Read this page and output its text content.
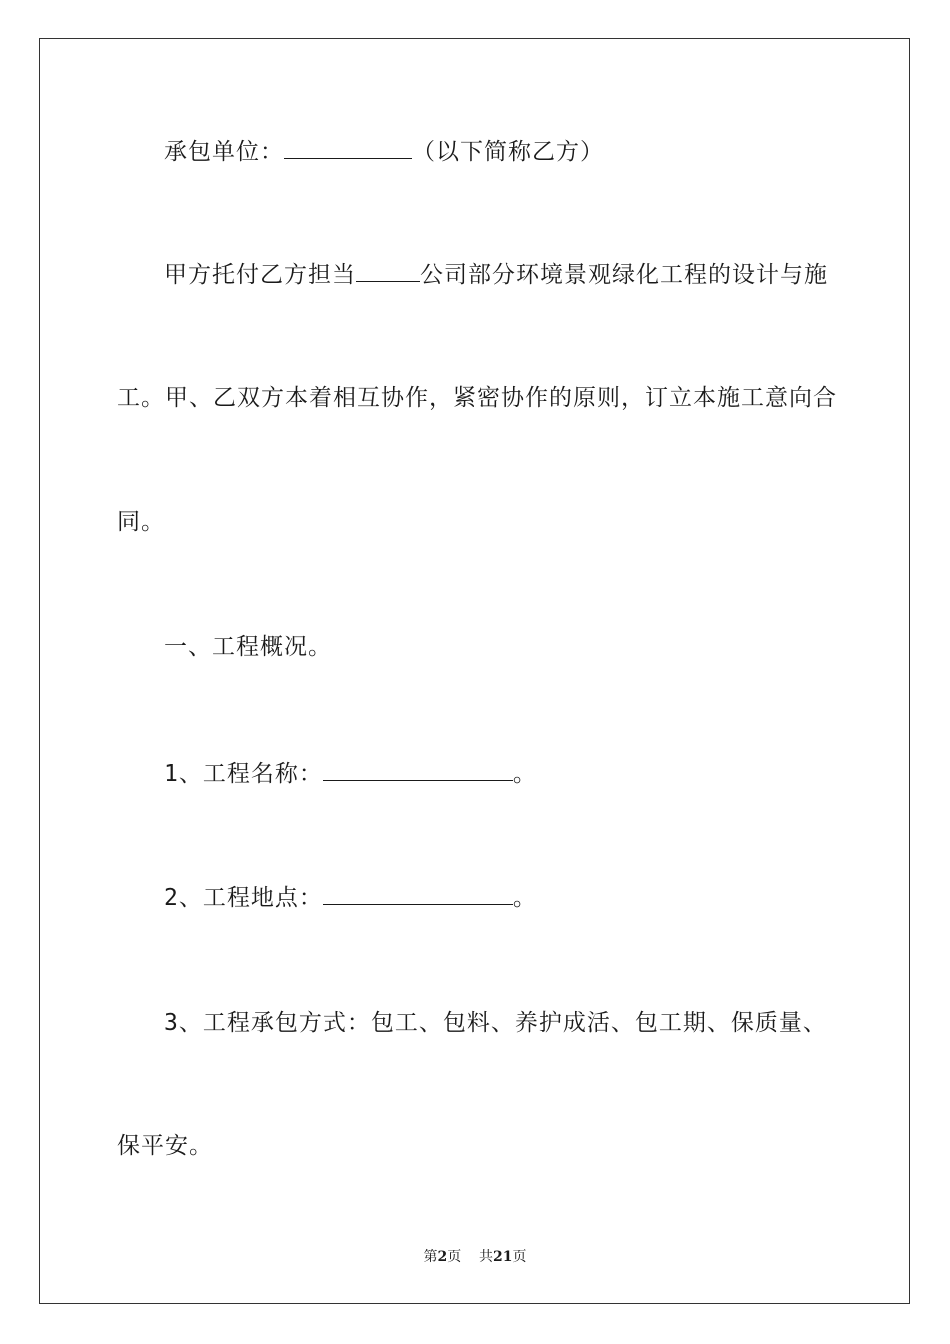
承包单位：	（以下简称乙方）
甲方托付乙方担当	公司部分环境景观绿化工程的设计与施
工。甲、乙双方本着相互协作，紧密协作的原则，订立本施工意向合
同。
一、工程概况。
1、工程名称：	。
2、工程地点：	。
3、工程承包方式：包工、包料、养护成活、包工期、保质量、
保平安。
第2页 共21页
